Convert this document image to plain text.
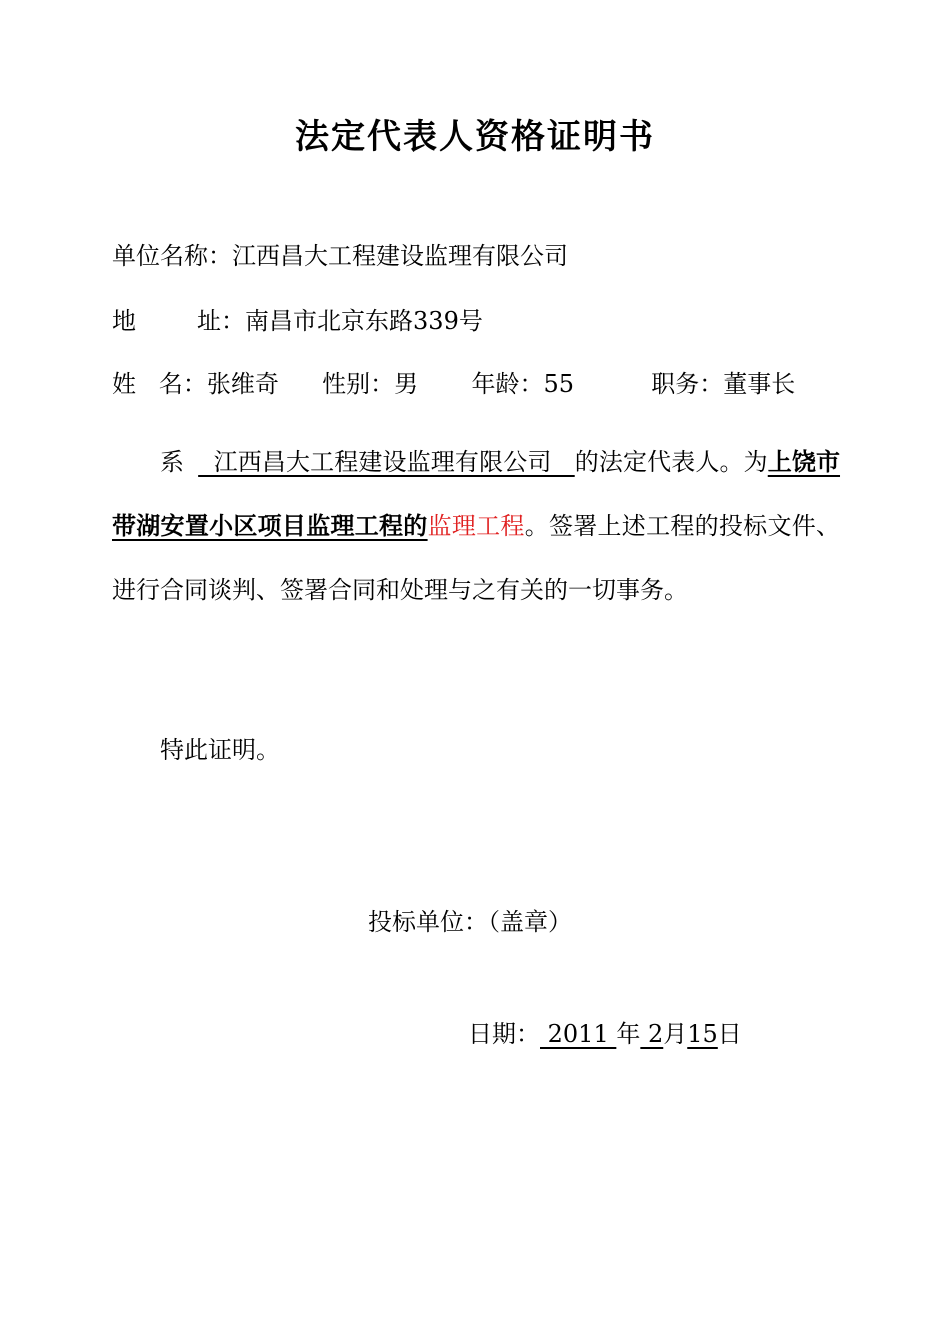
法定代表人资格证明书
单位名称：江西昌大工程建设监理有限公司
地        址：南昌市北京东路339号
姓   名：张维奇 性别：男 年龄：55	职务：董事长
系  江西昌大工程建设监理有限公司   的法定代表人。为上饶市带湖安置小区项目监理工程的监理工程。签署上述工程的投标文件、进行合同谈判、签署合同和处理与之有关的一切事务。
特此证明。
投标单位：（盖章）
日期： 2011 年 2月15日
